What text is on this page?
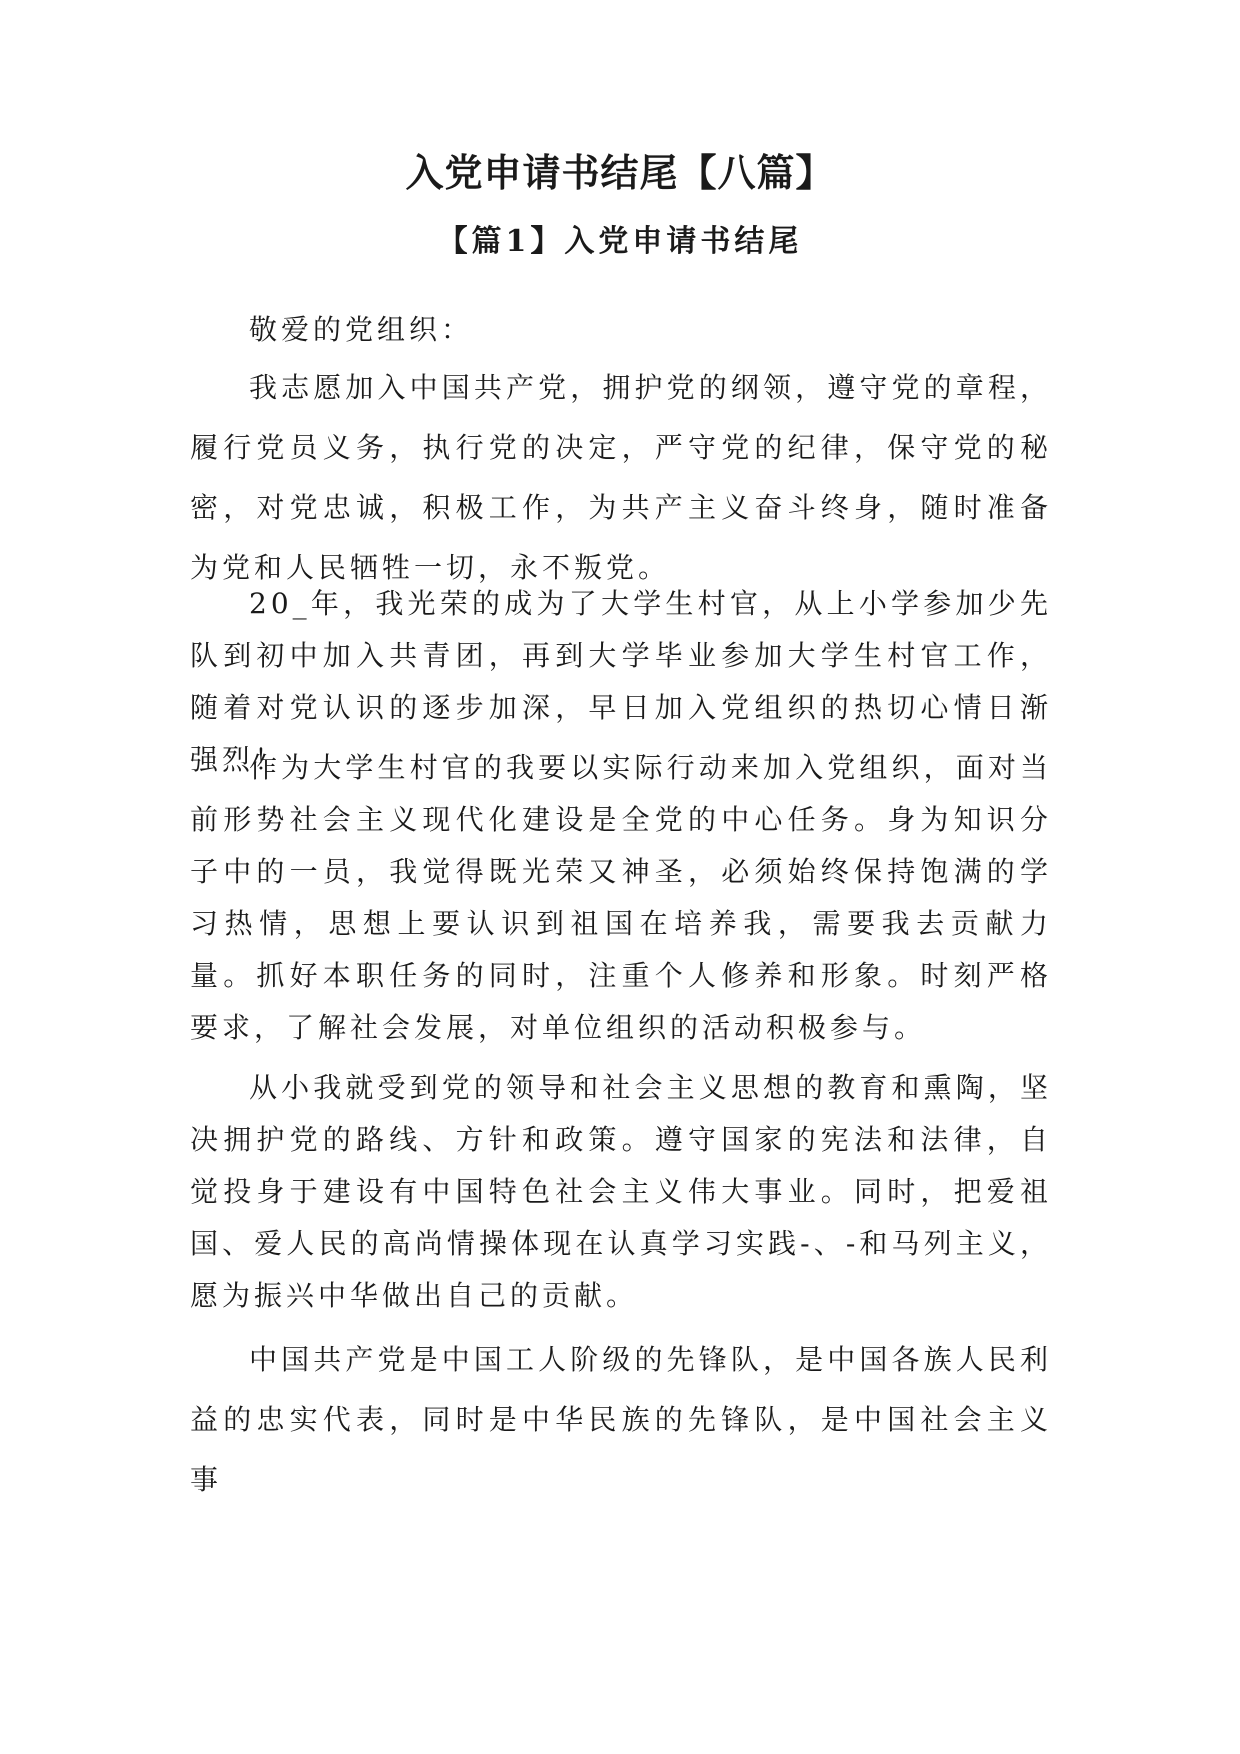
入党申请书结尾【八篇】
【篇1】入党申请书结尾

敬爱的党组织：

我志愿加入中国共产党，拥护党的纲领，遵守党的章程，履行党员义务，执行党的决定，严守党的纪律，保守党的秘密，对党忠诚，积极工作，为共产主义奋斗终身，随时准备为党和人民牺牲一切，永不叛党。

20_年，我光荣的成为了大学生村官，从上小学参加少先队到初中加入共青团，再到大学毕业参加大学生村官工作，随着对党认识的逐步加深，早日加入党组织的热切心情日渐强烈！

作为大学生村官的我要以实际行动来加入党组织，面对当前形势社会主义现代化建设是全党的中心任务。身为知识分子中的一员，我觉得既光荣又神圣，必须始终保持饱满的学习热情，思想上要认识到祖国在培养我，需要我去贡献力量。抓好本职任务的同时，注重个人修养和形象。时刻严格要求，了解社会发展，对单位组织的活动积极参与。

从小我就受到党的领导和社会主义思想的教育和熏陶，坚决拥护党的路线、方针和政策。遵守国家的宪法和法律，自觉投身于建设有中国特色社会主义伟大事业。同时，把爱祖国、爱人民的高尚情操体现在认真学习实践-、-和马列主义，愿为振兴中华做出自己的贡献。

中国共产党是中国工人阶级的先锋队，是中国各族人民利益的忠实代表，同时是中华民族的先锋队，是中国社会主义事
